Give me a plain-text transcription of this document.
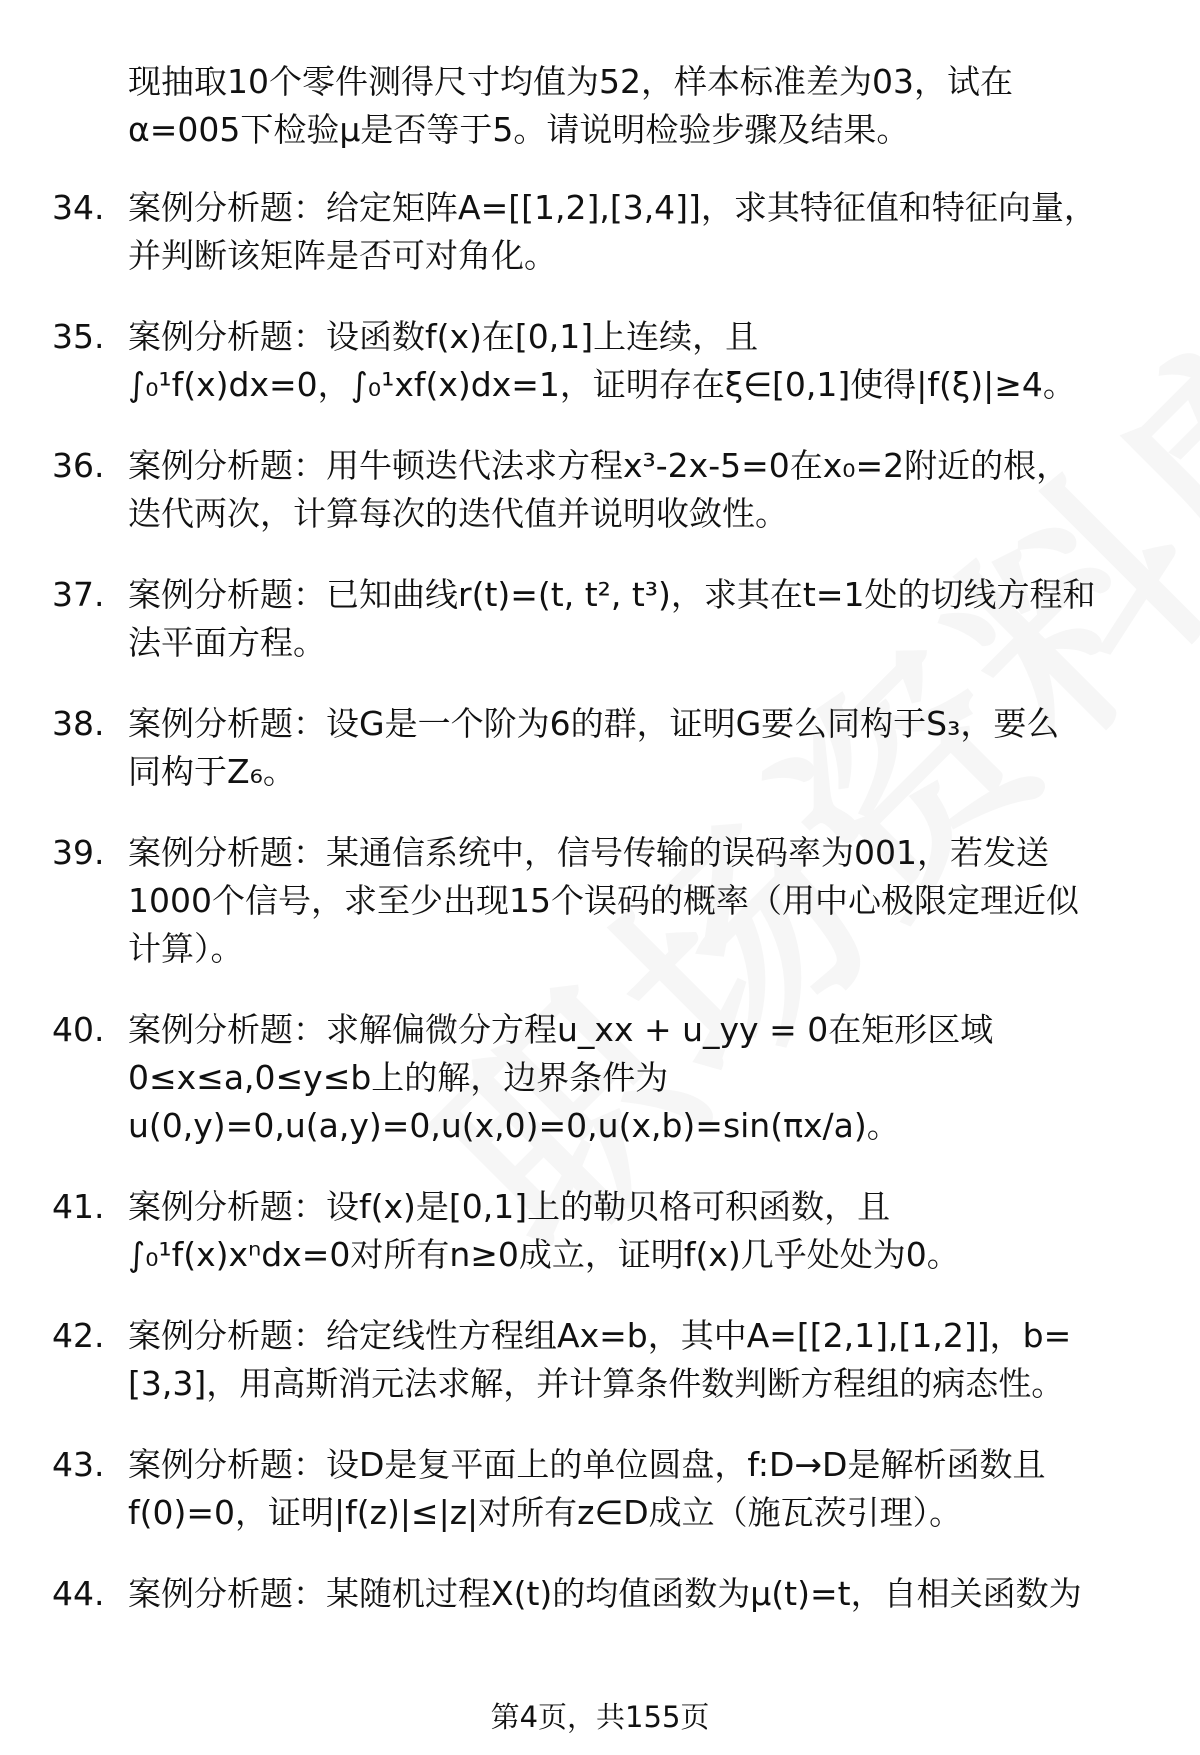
现抽取10个零件测得尺寸均值为52，样本标准差为03，试在

α=005下检验μ是否等于5。请说明检验步骤及结果。

34. 案例分析题：给定矩阵A=[[1,2],[3,4]]，求其特征值和特征向量，

并判断该矩阵是否可对角化。

35. 案例分析题：设函数f(x)在[0,1]上连续，且

∫₀¹f(x)dx=0，∫₀¹xf(x)dx=1，证明存在ξ∈[0,1]使得|f(ξ)|≥4。

36. 案例分析题：用牛顿迭代法求方程x³-2x-5=0在x₀=2附近的根，

迭代两次，计算每次的迭代值并说明收敛性。

37. 案例分析题：已知曲线r(t)=(t, t², t³)，求其在t=1处的切线方程和

法平面方程。

38. 案例分析题：设G是一个阶为6的群，证明G要么同构于S₃，要么

同构于Z₆。

39. 案例分析题：某通信系统中，信号传输的误码率为001，若发送

1000个信号，求至少出现15个误码的概率（用中心极限定理近似

计算）。

40. 案例分析题：求解偏微分方程u_xx + u_yy = 0在矩形区域

0≤x≤a,0≤y≤b上的解，边界条件为

u(0,y)=0,u(a,y)=0,u(x,0)=0,u(x,b)=sin(πx/a)。

41. 案例分析题：设f(x)是[0,1]上的勒贝格可积函数，且

∫₀¹f(x)xⁿdx=0对所有n≥0成立，证明f(x)几乎处处为0。

42. 案例分析题：给定线性方程组Ax=b，其中A=[[2,1],[1,2]]，b=

[3,3]，用高斯消元法求解，并计算条件数判断方程组的病态性。

43. 案例分析题：设D是复平面上的单位圆盘，f:D→D是解析函数且

f(0)=0，证明|f(z)|≤|z|对所有z∈D成立（施瓦茨引理）。

44. 案例分析题：某随机过程X(t)的均值函数为μ(t)=t，自相关函数为

第4页，共155页
